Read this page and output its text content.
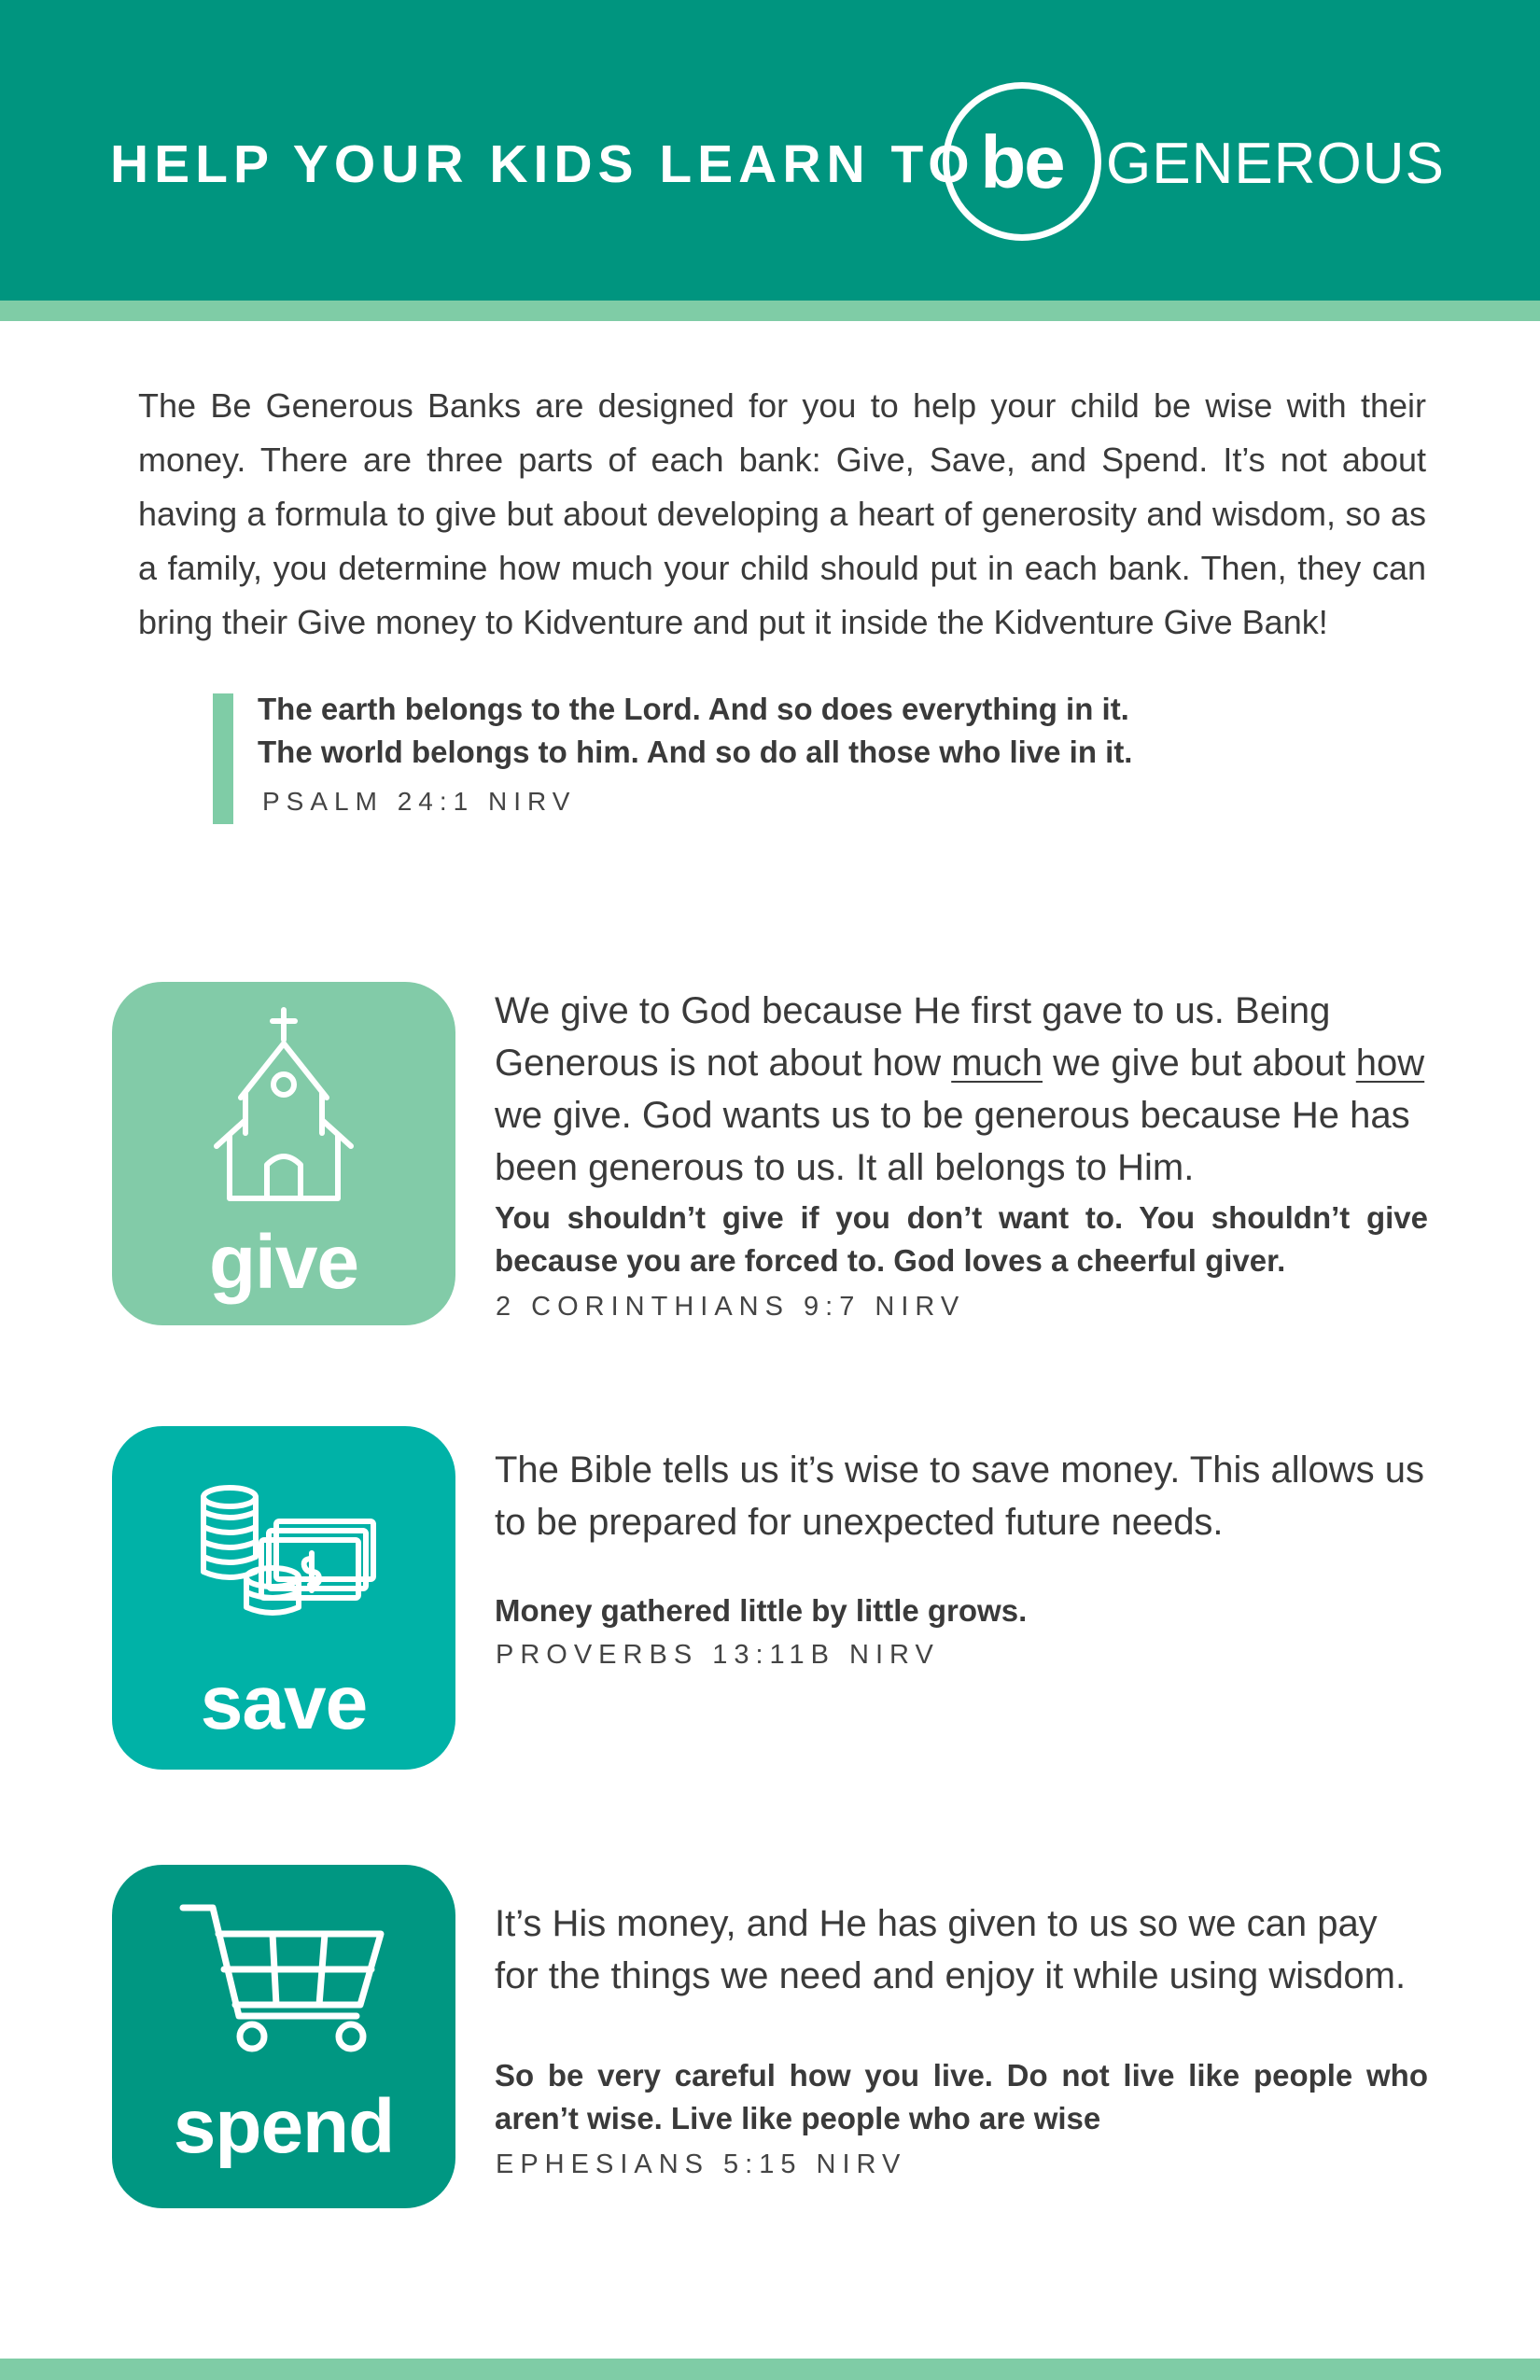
HELP YOUR KIDS LEARN TO be GENEROUS

The Be Generous Banks are designed for you to help your child be wise with their money. There are three parts of each bank: Give, Save, and Spend. It’s not about having a formula to give but about developing a heart of generosity and wisdom, so as a family, you determine how much your child should put in each bank. Then, they can bring their Give money to Kidventure and put it inside the Kidventure Give Bank!

The earth belongs to the Lord. And so does everything in it.
The world belongs to him. And so do all those who live in it.

PSALM 24:1 NIRV
give

We give to God because He first gave to us. Being Generous is not about how much we give but about how we give. God wants us to be generous because He has been generous to us. It all belongs to Him.

You shouldn’t give if you don’t want to. You shouldn’t give because you are forced to. God loves a cheerful giver.

2 CORINTHIANS 9:7 NIRV
save

The Bible tells us it’s wise to save money. This allows us to be prepared for unexpected future needs.

Money gathered little by little grows.

PROVERBS 13:11B NIRV
spend

It’s His money, and He has given to us so we can pay for the things we need and enjoy it while using wisdom.

So be very careful how you live. Do not live like people who aren’t wise. Live like people who are wise

EPHESIANS 5:15 NIRV
